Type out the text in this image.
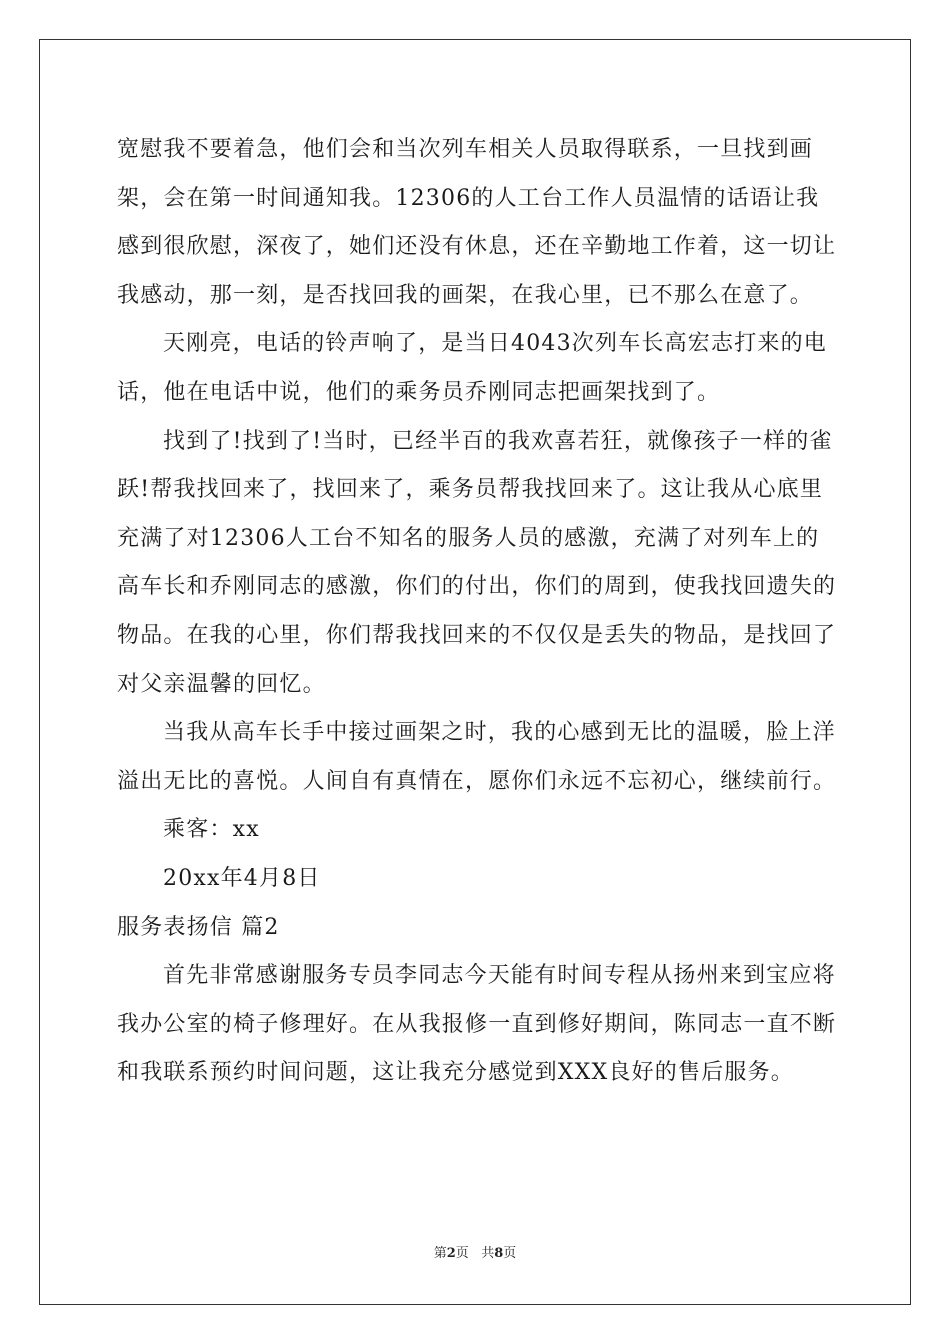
宽慰我不要着急，他们会和当次列车相关人员取得联系，一旦找到画架，会在第一时间通知我。12306的人工台工作人员温情的话语让我感到很欣慰，深夜了，她们还没有休息，还在辛勤地工作着，这一切让我感动，那一刻，是否找回我的画架，在我心里，已不那么在意了。

天刚亮，电话的铃声响了，是当日4043次列车长高宏志打来的电话，他在电话中说，他们的乘务员乔刚同志把画架找到了。

找到了!找到了!当时，已经半百的我欢喜若狂，就像孩子一样的雀跃!帮我找回来了，找回来了，乘务员帮我找回来了。这让我从心底里充满了对12306人工台不知名的服务人员的感激，充满了对列车上的高车长和乔刚同志的感激，你们的付出，你们的周到，使我找回遗失的物品。在我的心里，你们帮我找回来的不仅仅是丢失的物品，是找回了对父亲温馨的回忆。

当我从高车长手中接过画架之时，我的心感到无比的温暖，脸上洋溢出无比的喜悦。人间自有真情在，愿你们永远不忘初心，继续前行。

乘客：xx

20xx年4月8日

服务表扬信 篇2

首先非常感谢服务专员李同志今天能有时间专程从扬州来到宝应将我办公室的椅子修理好。在从我报修一直到修好期间，陈同志一直不断和我联系预约时间问题，这让我充分感觉到XXX良好的售后服务。

第2页 共8页
